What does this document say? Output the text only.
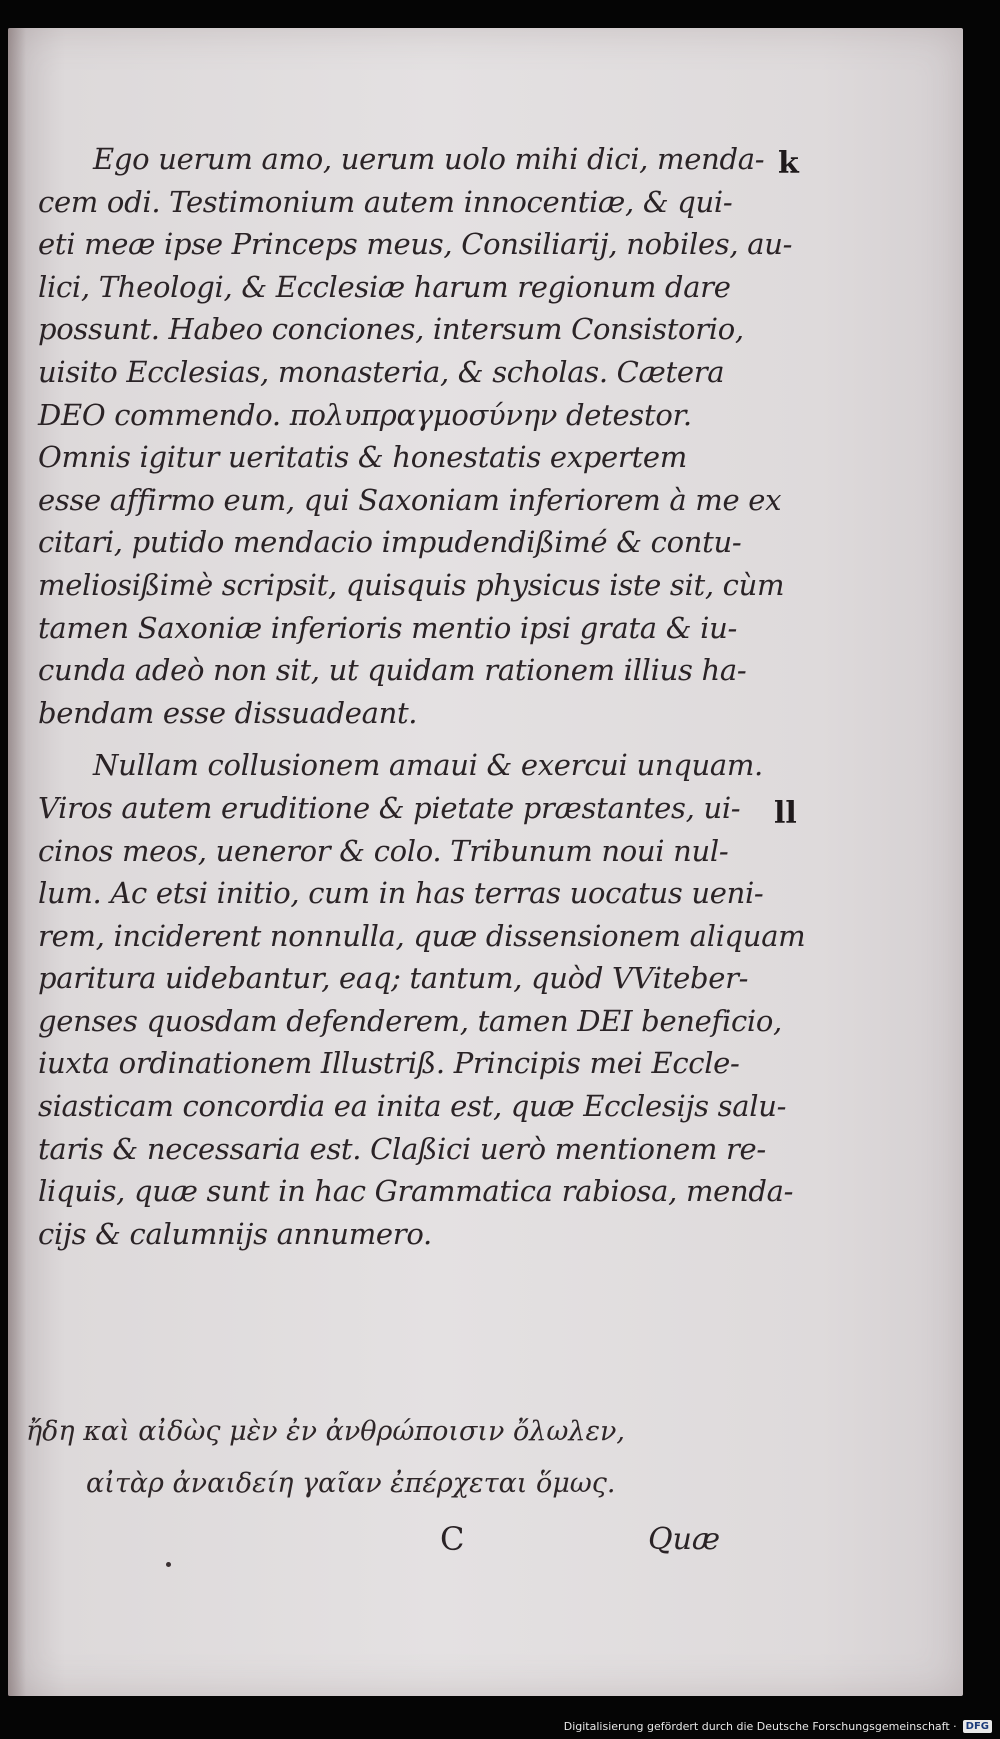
Ego uerum amo, uerum uolo mihi dici, menda-
cem odi. Testimonium autem innocentiæ, & qui-
eti meæ ipse Princeps meus, Consiliarij, nobiles, au-
lici, Theologi, & Ecclesiæ harum regionum dare
possunt. Habeo conciones, intersum Consistorio,
uisito Ecclesias, monasteria, & scholas. Cætera
DEO commendo. πολυπραγμοσύνην detestor.
Omnis igitur ueritatis & honestatis expertem
esse affirmo eum, qui Saxoniam inferiorem à me ex
citari, putido mendacio impudendißimé & contu-
meliosißimè scripsit, quisquis physicus iste sit, cùm
tamen Saxoniæ inferioris mentio ipsi grata & iu-
cunda adeò non sit, ut quidam rationem illius ha-
bendam esse dissuadeant.
Nullam collusionem amaui & exercui unquam.
Viros autem eruditione & pietate præstantes, ui-
cinos meos, ueneror & colo. Tribunum noui nul-
lum. Ac etsi initio, cum in has terras uocatus ueni-
rem, inciderent nonnulla, quæ dissensionem aliquam
paritura uidebantur, eaq; tantum, quòd VViteber-
genses quosdam defenderem, tamen DEI beneficio,
iuxta ordinationem Illustriß. Principis mei Eccle-
siasticam concordia ea inita est, quæ Ecclesijs salu-
taris & necessaria est. Claßici uerò mentionem re-
liquis, quæ sunt in hac Grammatica rabiosa, menda-
cijs & calumnijs annumero.
k
ll
ἤδη καὶ αἰδὼς μὲν ἐν ἀνθρώποισιν ὄλωλεν,
αἰτὰρ ἀναιδείη γαῖαν ἐπέρχεται ὅμως.
C	Quæ
Digitalisierung gefördert durch die Deutsche Forschungsgemeinschaft · DFG
